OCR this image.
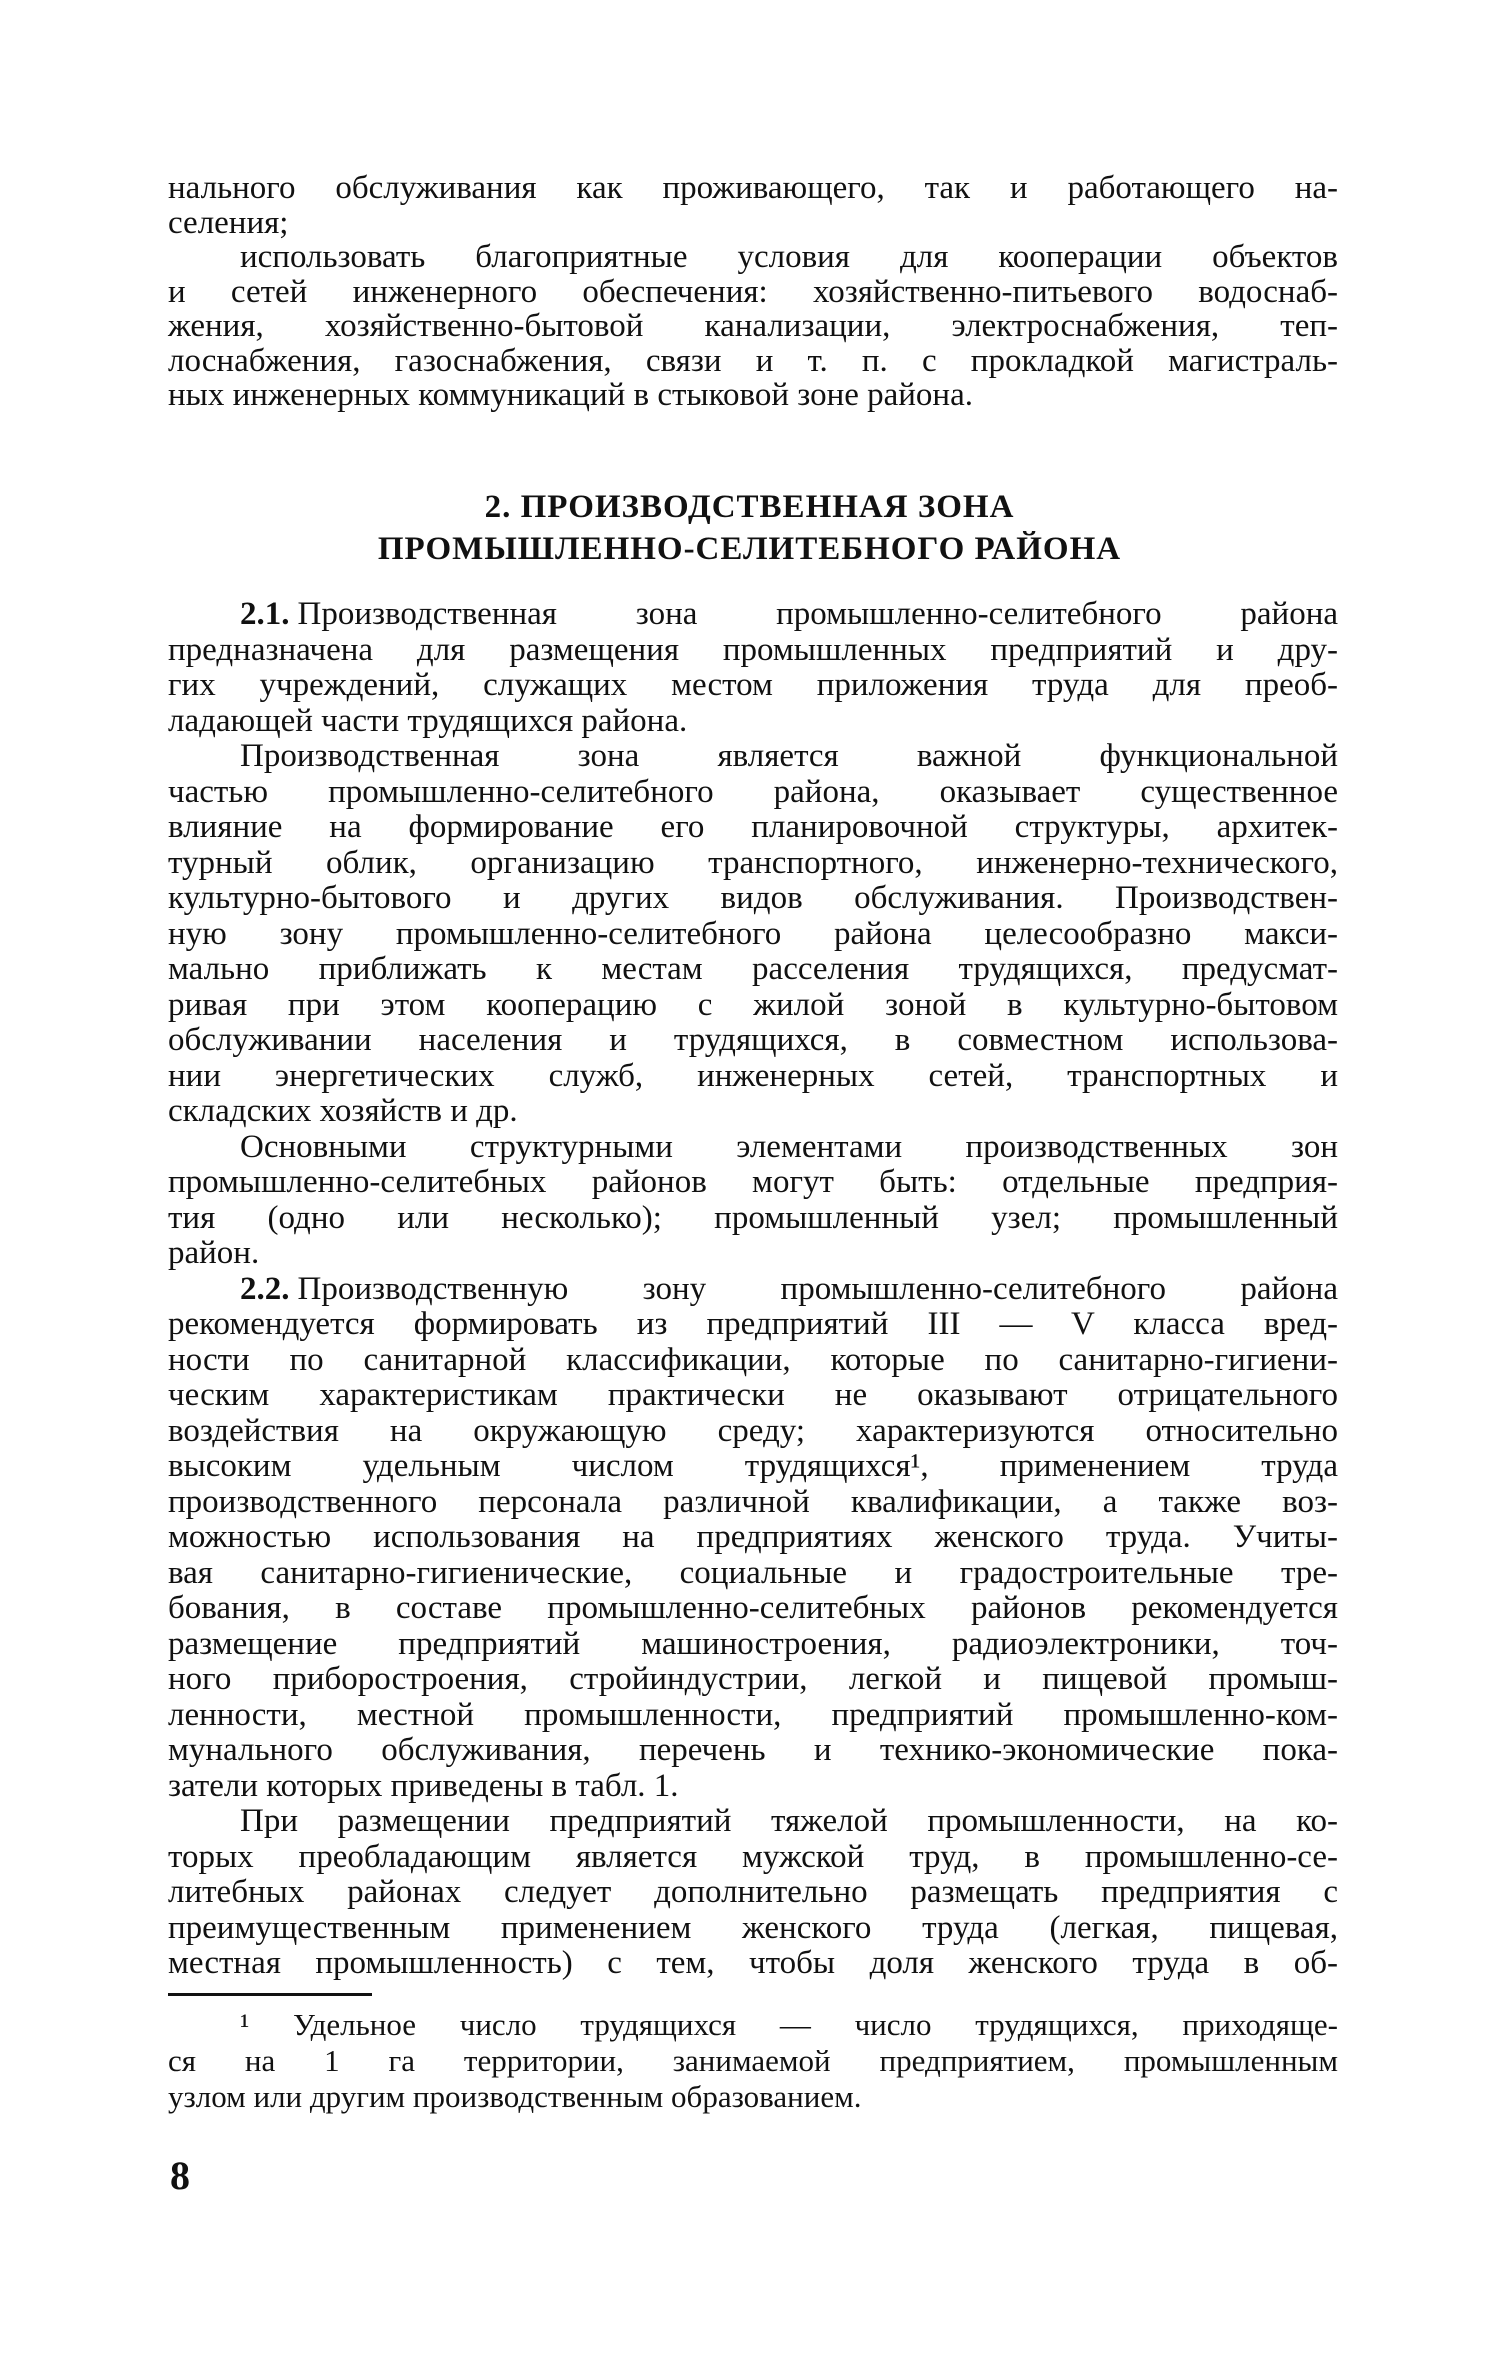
нального обслуживания как проживающего, так и работающего на-
селения;
использовать благоприятные условия для кооперации объектов
и сетей инженерного обеспечения: хозяйственно-питьевого водоснаб-
жения, хозяйственно-бытовой канализации, электроснабжения, теп-
лоснабжения, газоснабжения, связи и т. п. с прокладкой магистраль-
ных инженерных коммуникаций в стыковой зоне района.
2. ПРОИЗВОДСТВЕННАЯ ЗОНА
ПРОМЫШЛЕННО-СЕЛИТЕБНОГО РАЙОНА
2.1. Производственная зона промышленно-селитебного района
предназначена для размещения промышленных предприятий и дру-
гих учреждений, служащих местом приложения труда для преоб-
ладающей части трудящихся района.
Производственная зона является важной функциональной
частью промышленно-селитебного района, оказывает существенное
влияние на формирование его планировочной структуры, архитек-
турный облик, организацию транспортного, инженерно-технического,
культурно-бытового и других видов обслуживания. Производствен-
ную зону промышленно-селитебного района целесообразно макси-
мально приближать к местам расселения трудящихся, предусмат-
ривая при этом кооперацию с жилой зоной в культурно-бытовом
обслуживании населения и трудящихся, в совместном использова-
нии энергетических служб, инженерных сетей, транспортных и
складских хозяйств и др.
Основными структурными элементами производственных зон
промышленно-селитебных районов могут быть: отдельные предприя-
тия (одно или несколько); промышленный узел; промышленный
район.
2.2. Производственную зону промышленно-селитебного района
рекомендуется формировать из предприятий III — V класса вред-
ности по санитарной классификации, которые по санитарно-гигиени-
ческим характеристикам практически не оказывают отрицательного
воздействия на окружающую среду; характеризуются относительно
высоким удельным числом трудящихся¹, применением труда
производственного персонала различной квалификации, а также воз-
можностью использования на предприятиях женского труда. Учиты-
вая санитарно-гигиенические, социальные и градостроительные тре-
бования, в составе промышленно-селитебных районов рекомендуется
размещение предприятий машиностроения, радиоэлектроники, точ-
ного приборостроения, стройиндустрии, легкой и пищевой промыш-
ленности, местной промышленности, предприятий промышленно-ком-
мунального обслуживания, перечень и технико-экономические пока-
затели которых приведены в табл. 1.
При размещении предприятий тяжелой промышленности, на ко-
торых преобладающим является мужской труд, в промышленно-се-
литебных районах следует дополнительно размещать предприятия с
преимущественным применением женского труда (легкая, пищевая,
местная промышленность) с тем, чтобы доля женского труда в об-
¹ Удельное число трудящихся — число трудящихся, приходяще-
ся на 1 га территории, занимаемой предприятием, промышленным
узлом или другим производственным образованием.
8
